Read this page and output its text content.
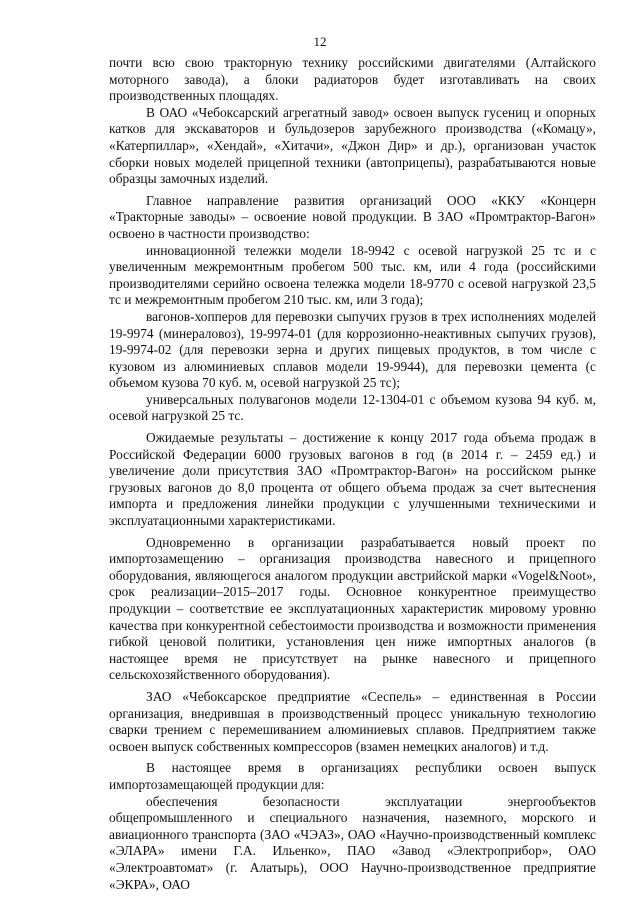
12

почти всю свою тракторную технику российскими двигателями (Алтайского моторного завода), а блоки радиаторов будет изготавливать на своих производственных площадях.

В ОАО «Чебоксарский агрегатный завод» освоен выпуск гусениц и опорных катков для экскаваторов и бульдозеров зарубежного производства («Комацу», «Катерпиллар», «Хендай», «Хитачи», «Джон Дир» и др.), организован участок сборки новых моделей прицепной техники (автоприцепы), разрабатываются новые образцы замочных изделий.

Главное направление развития организаций ООО «ККУ «Концерн «Тракторные заводы» – освоение новой продукции. В ЗАО «Промтрактор-Вагон» освоено в частности производство:

инновационной тележки модели 18-9942 с осевой нагрузкой 25 тс и с увеличенным межремонтным пробегом 500 тыс. км, или 4 года (российскими производителями серийно освоена тележка модели 18-9770 с осевой нагрузкой 23,5 тс и межремонтным пробегом 210 тыс. км, или 3 года);

вагонов-хопперов для перевозки сыпучих грузов в трех исполнениях моделей 19-9974 (минераловоз), 19-9974-01 (для коррозионно-неактивных сыпучих грузов), 19-9974-02 (для перевозки зерна и других пищевых продуктов, в том числе с кузовом из алюминиевых сплавов модели 19-9944), для перевозки цемента (с объемом кузова 70 куб. м, осевой нагрузкой 25 тс);

универсальных полувагонов модели 12-1304-01 с объемом кузова 94 куб. м, осевой нагрузкой 25 тс.

Ожидаемые результаты – достижение к концу 2017 года объема продаж в Российской Федерации 6000 грузовых вагонов в год (в 2014 г. – 2459 ед.) и увеличение доли присутствия ЗАО «Промтрактор-Вагон» на российском рынке грузовых вагонов до 8,0 процента от общего объема продаж за счет вытеснения импорта и предложения линейки продукции с улучшенными техническими и эксплуатационными характеристиками.

Одновременно в организации разрабатывается новый проект по импортозамещению – организация производства навесного и прицепного оборудования, являющегося аналогом продукции австрийской марки «Vogel&Noot», срок реализации–2015–2017 годы. Основное конкурентное преимущество продукции – соответствие ее эксплуатационных характеристик мировому уровню качества при конкурентной себестоимости производства и возможности применения гибкой ценовой политики, установления цен ниже импортных аналогов (в настоящее время не присутствует на рынке навесного и прицепного сельскохозяйственного оборудования).

ЗАО «Чебоксарское предприятие «Сеспель» – единственная в России организация, внедрившая в производственный процесс уникальную технологию сварки трением с перемешиванием алюминиевых сплавов. Предприятием также освоен выпуск собственных компрессоров (взамен немецких аналогов) и т.д.

В настоящее время в организациях республики освоен выпуск импортозамещающей продукции для:

обеспечения безопасности эксплуатации энергообъектов общепромышленного и специального назначения, наземного, морского и авиационного транспорта (ЗАО «ЧЭАЗ», ОАО «Научно-производственный комплекс «ЭЛАРА» имени Г.А. Ильенко», ПАО «Завод «Электроприбор», ОАО «Электроавтомат» (г. Алатырь), ООО Научно-производственное предприятие «ЭКРА», ОАО
